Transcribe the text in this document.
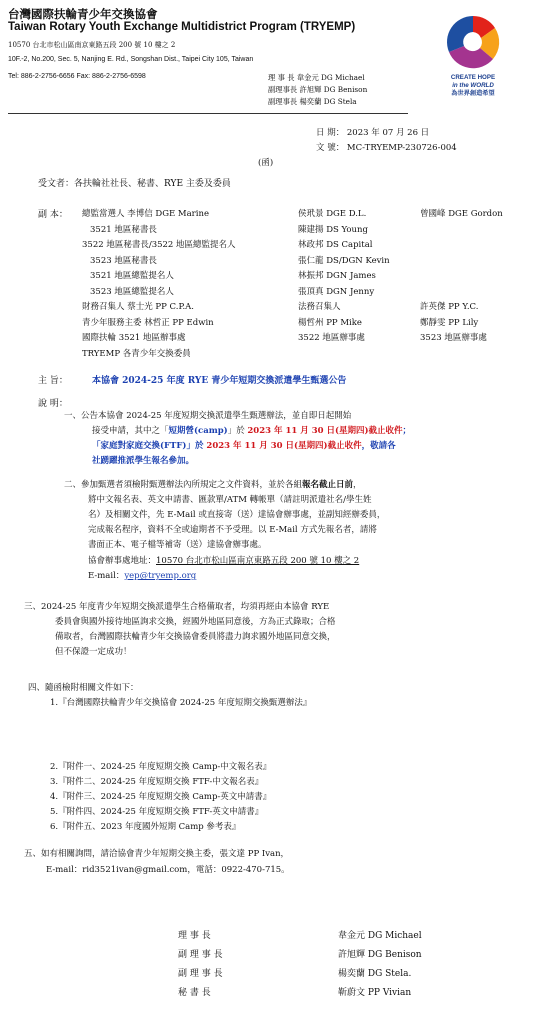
台灣國際扶輪青少年交換協會
Taiwan Rotary Youth Exchange Multidistrict Program (TRYEMP)
10570 台北市松山區南京東路五段 200 號 10 樓之 2
10F.-2, No.200, Sec. 5, Nanjing E. Rd., Songshan Dist., Taipei City 105, Taiwan
Tel: 886-2-2756-6656 Fax: 886-2-2756-6598	理 事 長 韋金元 DG Michael
副理事長 許旭輝 DG Benison
副理事長 楊奕蘭 DG Stela
CREATE HOPE
in the WORLD
為世界創造希望
日 期： 2023 年 07 月 26 日
文 號： MC-TRYEMP-230726-004
(函)
受文者：各扶輪社社長、秘書、RYE 主委及委員
副 本： 總監當選人 李博信 DGE Marine	侯玳景 DGE D.L.	曾國峰 DGE Gordon
3521 地區秘書長	陳建揚 DS Young
3522 地區秘書長/3522 地區總監提名人	林政邦 DS Capital
3523 地區秘書長	張仁龍 DS/DGN Kevin
3521 地區總監提名人	林振邦 DGN James
3523 地區總監提名人	張頂真 DGN Jenny
財務召集人 蔡士光 PP C.P.A.	法務召集人	許英傑 PP Y.C.
青少年服務主委 林哲正 PP Edwin	楊哲州 PP Mike	鄭靜雯 PP Lily
國際扶輪 3521 地區辦事處	3522 地區辦事處	3523 地區辦事處
TRYEMP 各青少年交換委員
主 旨：	本協會 2024-25 年度 RYE 青少年短期交換派遣學生甄選公告
說 明：
一、公告本協會 2024-25 年度短期交換派遣學生甄選辦法，並自即日起開始
接受申請，其中之「短期營(camp)」於 2023 年 11 月 30 日(星期四)截止收件；
「家庭對家庭交換(FTF)」於 2023 年 11 月 30 日(星期四)截止收件，敬請各
社踴躍推派學生報名參加。
二、參加甄選者須檢附甄選辦法內所規定之文件資料，並於各組報名截止日前，
將中文報名表、英文申請書、匯款單/ATM 轉帳單（請註明派遣社名/學生姓
名）及相關文件，先 E-Mail 或直接寄（送）達協會辦事處，並副知經辦委員，
完成報名程序，資料不全或逾期者不予受理。以 E-Mail 方式先報名者，請將
書面正本、電子檔等補寄（送）達協會辦事處。
協會辦事處地址：10570 台北市松山區南京東路五段 200 號 10 樓之 2
E-mail：yep@tryemp.org
三、2024-25 年度青少年短期交換派遣學生合格備取者，均須再經由本協會 RYE
委員會與國外接待地區詢求交換，經國外地區同意後，方為正式錄取；合格
備取者，台灣國際扶輪青少年交換協會委員將盡力詢求國外地區同意交換，
但不保證一定成功！
四、隨函檢附相關文件如下：
1.『台灣國際扶輪青少年交換協會 2024-25 年度短期交換甄選辦法』
2.『附件一、2024-25 年度短期交換 Camp-中文報名表』
3.『附件二、2024-25 年度短期交換 FTF-中文報名表』
4.『附件三、2024-25 年度短期交換 Camp-英文申請書』
5.『附件四、2024-25 年度短期交換 FTF-英文申請書』
6.『附件五、2023 年度國外短期 Camp 參考表』
五、如有相關詢問，請洽協會青少年短期交換主委，張文達 PP Ivan，
E-mail：rid3521ivan@gmail.com，電話：0922-470-715。
理 事 長	韋金元 DG Michael
副 理 事 長	許旭輝 DG Benison
副 理 事 長	楊奕蘭 DG Stela.
秘 書 長	靳蔚文 PP Vivian
